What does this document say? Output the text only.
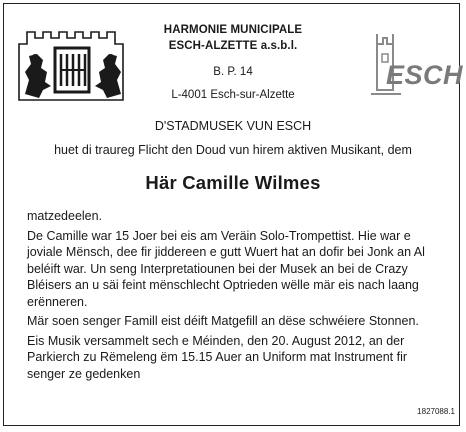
ESCH
HARMONIE MUNICIPALE
ESCH-ALZETTE a.s.b.l.
B. P. 14
L-4001 Esch-sur-Alzette
D'STADMUSEK VUN ESCH
huet di traureg Flicht den Doud vun hirem aktiven Musikant, dem
Här Camille Wilmes

matzedeelen.

De Camille war 15 Joer bei eis am Veräin Solo-Trompettist. Hie war e joviale Mënsch, dee fir jiddereen e gutt Wuert hat an dofir bei Jonk an Al beléift war. Un seng Interpretatiounen bei der Musek an bei de Crazy Bléisers an u säi feint mënschlecht Optrieden wëlle mär eis nach laang erënneren.

Mär soen senger Famill eist déift Matgefill an dëse schwéiere Stonnen.

Eis Musik versammelt sech e Méinden, den 20. August 2012, an der Parkierch zu Rëmeleng ëm 15.15 Auer an Uniform mat Instrument fir senger ze gedenken

1827088.1
